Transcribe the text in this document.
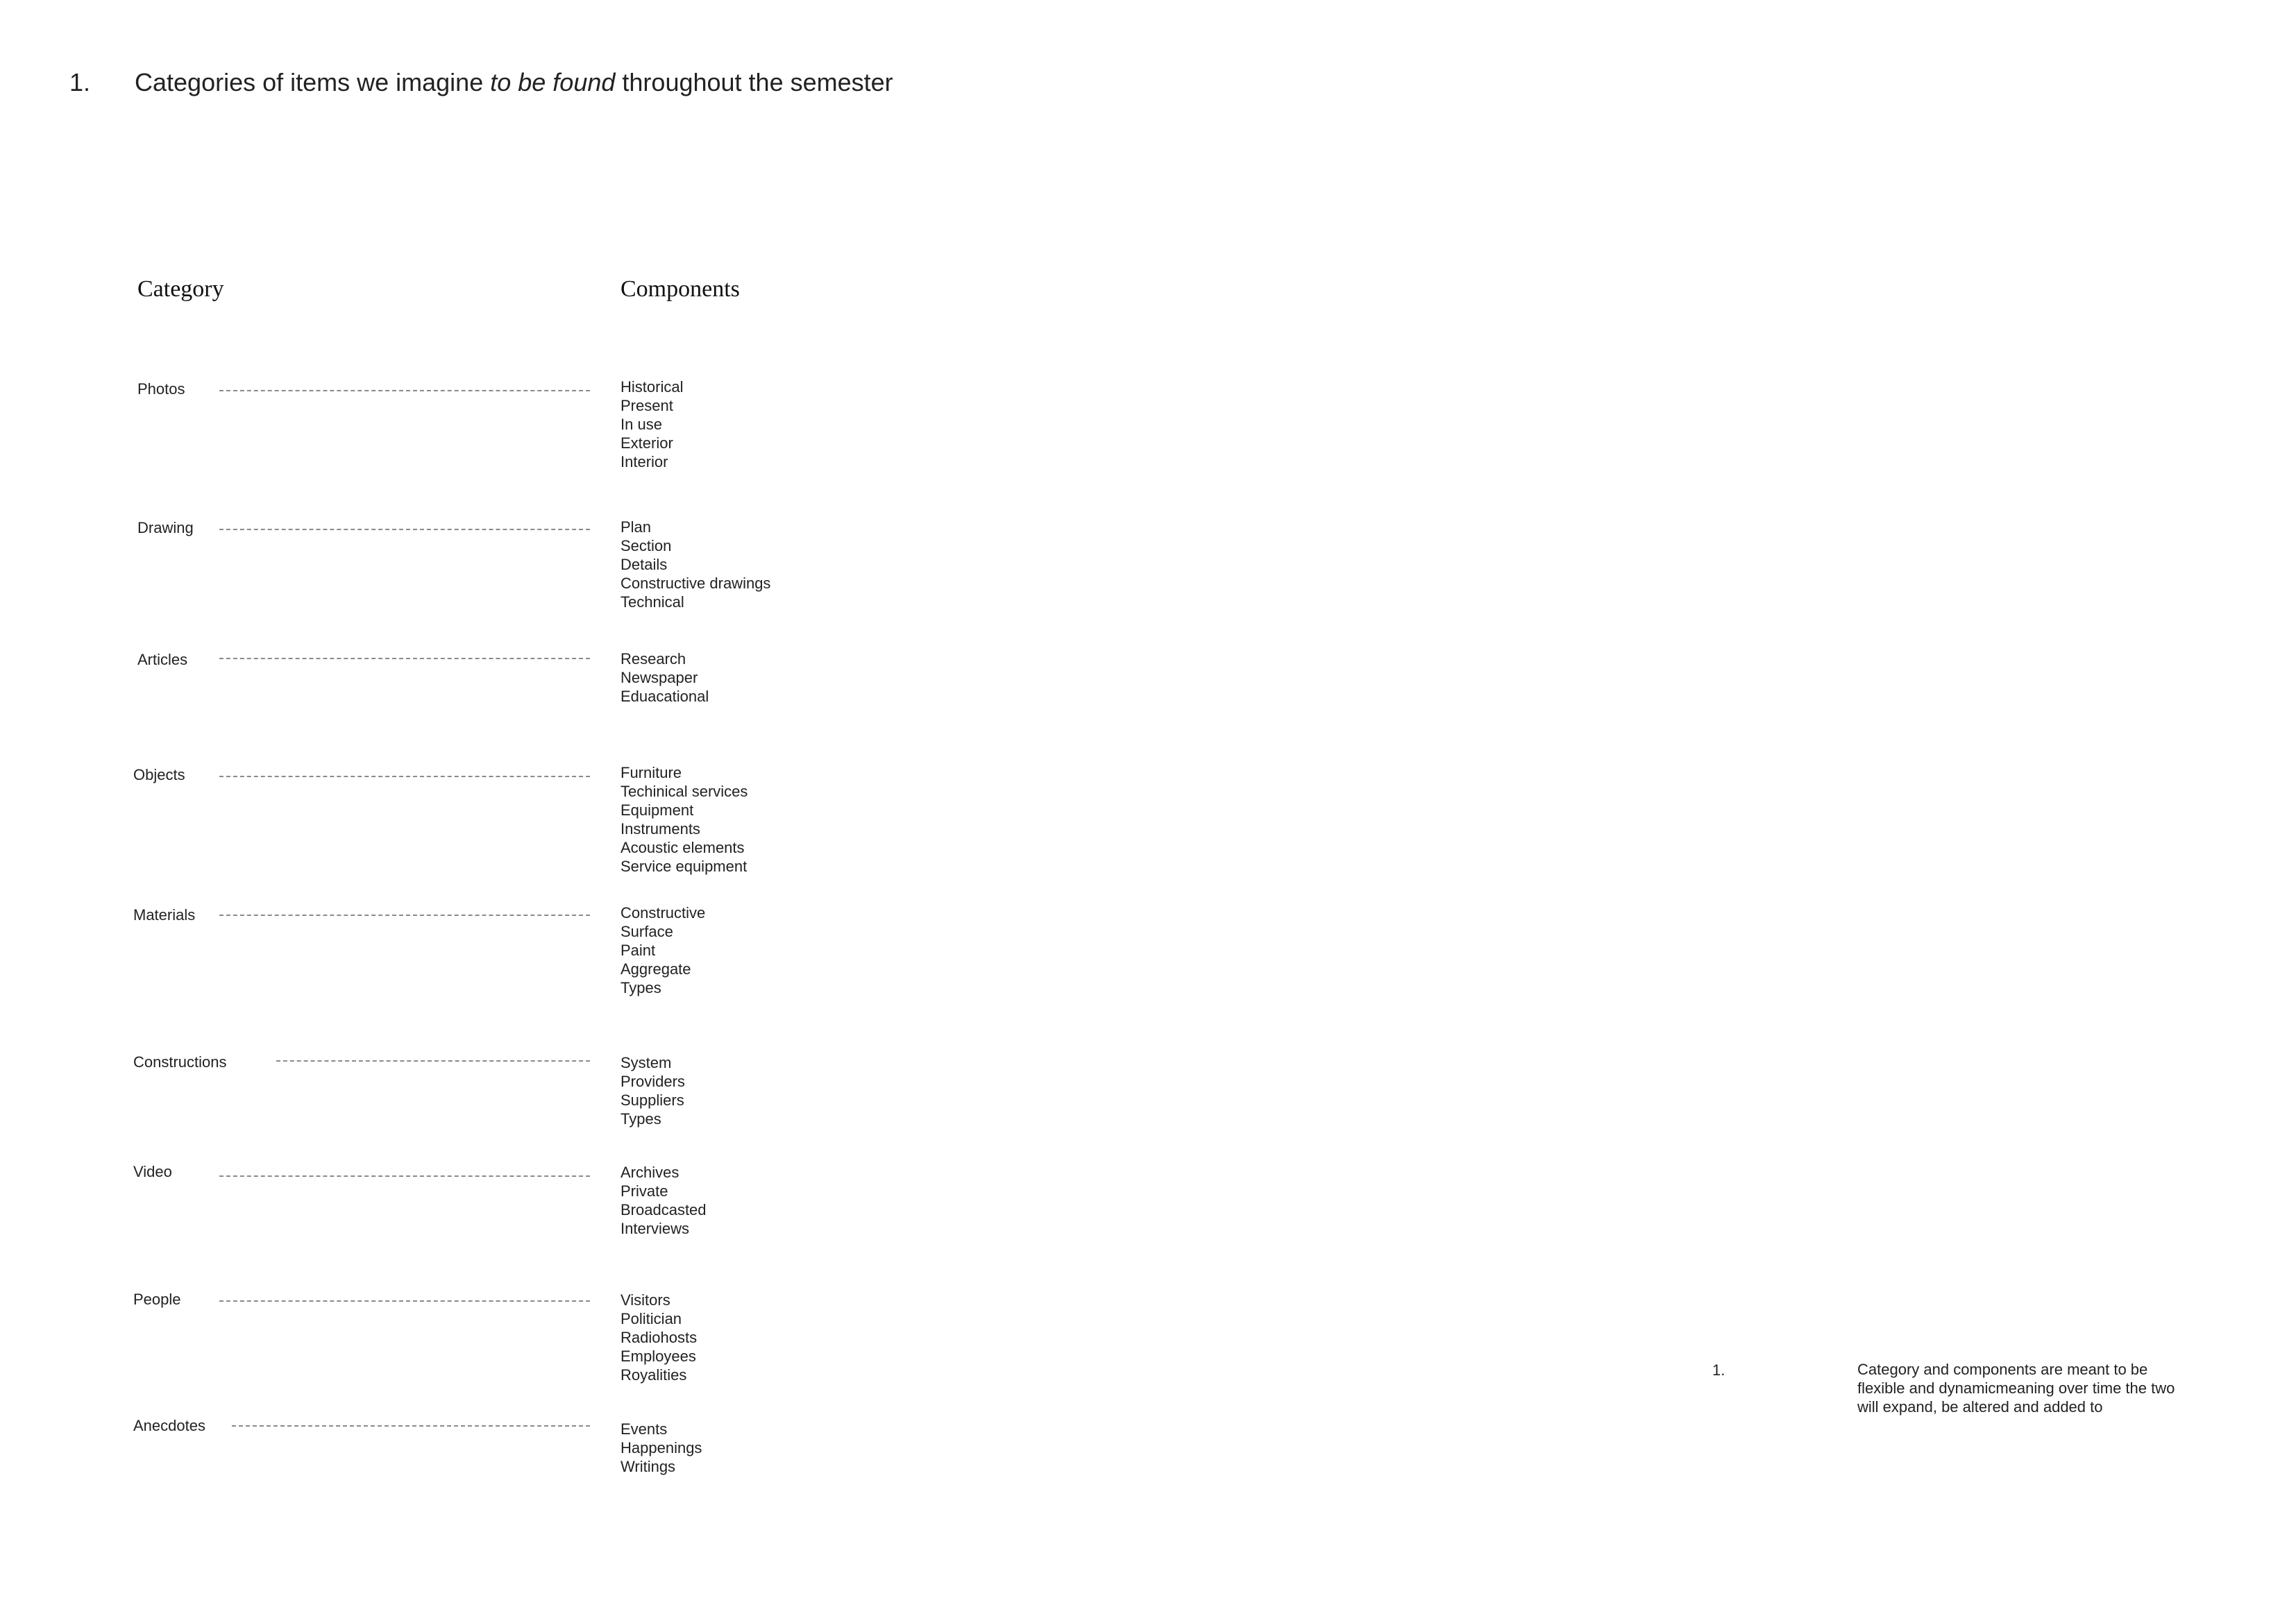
1. Categories of items we imagine to be found throughout the semester
Category	Components
Photos	Historical
Present
In use
Exterior
Interior
Drawing	Plan
Section
Details
Constructive drawings
Technical
Articles	Research
Newspaper
Eduacational
Objects	Furniture
Techinical services
Equipment
Instruments
Acoustic elements
Service equipment
Materials	Constructive
Surface
Paint
Aggregate
Types
Constructions	System
Providers
Suppliers
Types
Video	Archives
Private
Broadcasted
Interviews
People	Visitors
Politician
Radiohosts
Employees
Royalities
Anecdotes	Events
Happenings
Writings
1.	Category and components are meant to be flexible and dynamicmeaning over time the two will expand, be altered and added to
